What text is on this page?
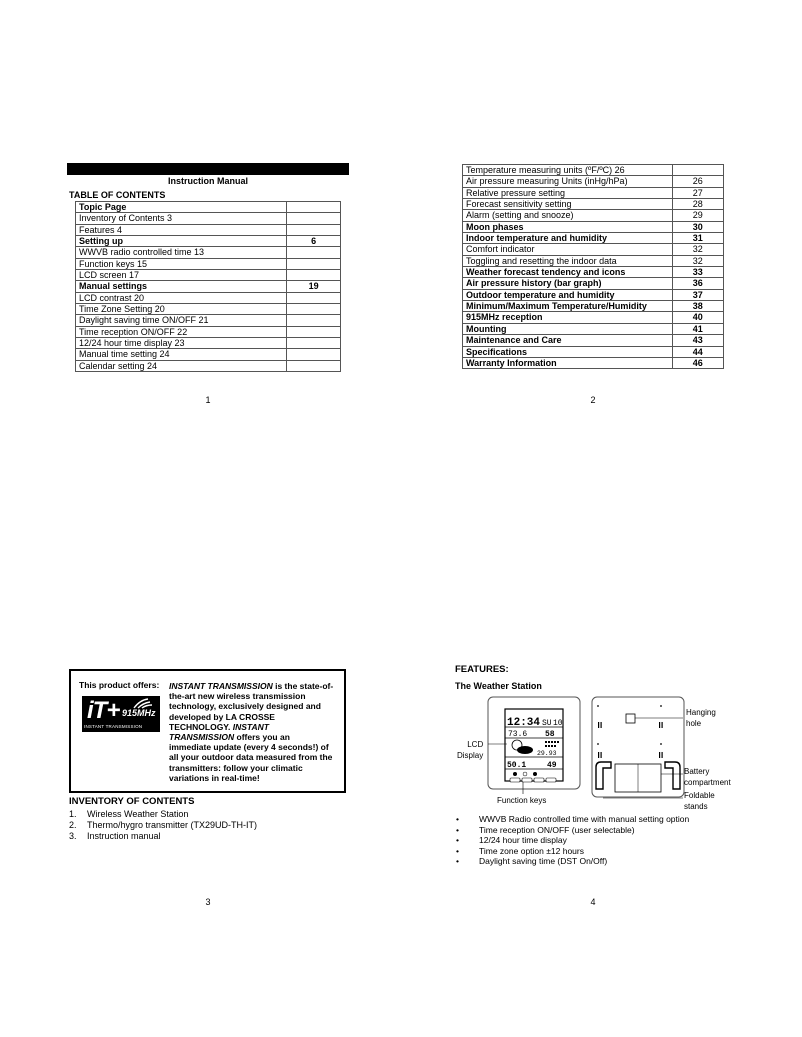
Instruction Manual
TABLE OF CONTENTS
Topic Page	
Inventory of Contents 3	
Features 4	
Setting up	6
WWVB radio controlled time 13	
Function keys 15	
LCD screen 17	
Manual settings	19
LCD contrast 20	
Time Zone Setting 20	
Daylight saving time ON/OFF 21	
Time reception ON/OFF 22	
12/24 hour time display 23	
Manual time setting 24	
Calendar setting 24	
1
Temperature measuring units (ºF/ºC) 26	
Air pressure measuring Units (inHg/hPa)	26
Relative pressure setting	27
Forecast sensitivity setting	28
Alarm (setting and snooze)	29
Moon phases	30
Indoor temperature and humidity	31
Comfort indicator	32
Toggling and resetting the indoor data	32
Weather forecast tendency and icons	33
Air pressure history (bar graph)	36
Outdoor temperature and humidity	37
Minimum/Maximum Temperature/Humidity	38
915MHz reception	40
Mounting	41
Maintenance and Care	43
Specifications	44
Warranty Information	46
2
This product offers:
iT+ 915MHz
INSTANT TRANSMISSION
INSTANT TRANSMISSION is the state-of-
the-art new wireless transmission
technology, exclusively designed and
developed by LA CROSSE
TECHNOLOGY. INSTANT
TRANSMISSION offers you an
immediate update (every 4 seconds!) of
all your outdoor data measured from the
transmitters: follow your climatic
variations in real-time!
INVENTORY OF CONTENTS
1.	Wireless Weather Station
2.	Thermo/hygro transmitter (TX29UD-TH-IT)
3.	Instruction manual
3
FEATURES:
The Weather Station
12:34 SU 10
73.6 58
29.93
50.1	49
LCD
Display
Function keys
Hanging
hole
Battery
compartment
Foldable
stands
•	WWVB Radio controlled time with manual setting option
•	Time reception ON/OFF (user selectable)
•	12/24 hour time display
•	Time zone option ±12 hours
•	Daylight saving time (DST On/Off)
4
